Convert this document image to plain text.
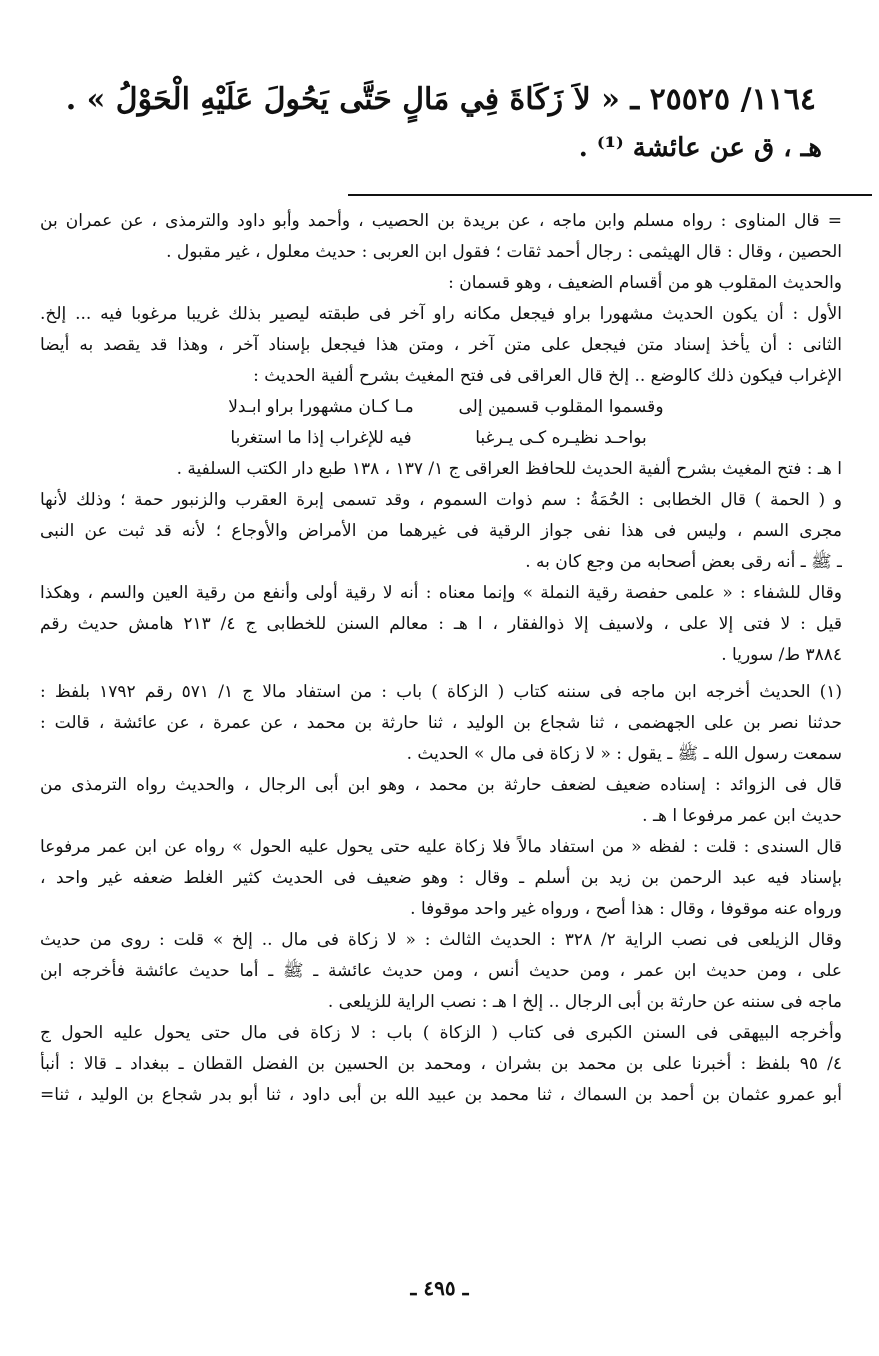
١١٦٤/ ٢٥٥٢٥ ـ « لاَ زَكَاةَ فِي مَالٍ حَتَّى يَحُولَ عَلَيْهِ الْحَوْلُ » .
هـ ، ق عن عائشة ⁽¹⁾ .
= قال المناوى : رواه مسلم وابن ماجه ، عن بريدة بن الحصيب ، وأحمد وأبو داود والترمذى ، عن عمران بن
الحصين ، وقال : قال الهيثمى : رجال أحمد ثقات ؛ فقول ابن العربى : حديث معلول ، غير مقبول .
والحديث المقلوب هو من أقسام الضعيف ، وهو قسمان :
الأول : أن يكون الحديث مشهورا براو فيجعل مكانه راو آخر فى طبقته ليصير بذلك غريبا مرغوبا فيه ... إلخ.
الثانى : أن يأخذ إسناد متن فيجعل على متن آخر ، ومتن هذا فيجعل بإسناد آخر ، وهذا قد يقصد به أيضا
الإغراب فيكون ذلك كالوضع .. إلخ قال العراقى فى فتح المغيث بشرح ألفية الحديث :
وقسموا المقلوب قسمين إلى
مـا كـان مشهورا براو ابـدلا
بواحـد نظيـره كـى يـرغبا
فيه للإغراب إذا ما استغربا
ا هـ : فتح المغيث بشرح ألفية الحديث للحافظ العراقى ج ١/ ١٣٧ ، ١٣٨ طبع دار الكتب السلفية .
و ( الحمة ) قال الخطابى : الحُمَةُ : سم ذوات السموم ، وقد تسمى إبرة العقرب والزنبور حمة ؛ وذلك لأنها
مجرى السم ، وليس فى هذا نفى جواز الرقية فى غيرهما من الأمراض والأوجاع ؛ لأنه قد ثبت عن النبى
ـ ﷺ ـ أنه رقى بعض أصحابه من وجع كان به .
وقال للشفاء : « علمى حفصة رقية النملة » وإنما معناه : أنه لا رقية أولى وأنفع من رقية العين والسم ، وهكذا
قيل : لا فتى إلا على ، ولاسيف إلا ذوالفقار ، ا هـ : معالم السنن للخطابى ج ٤/ ٢١٣ هامش حديث رقم
٣٨٨٤ ط/ سوريا .
(١) الحديث أخرجه ابن ماجه فى سننه كتاب ( الزكاة ) باب : من استفاد مالا ج ١/ ٥٧١ رقم ١٧٩٢ بلفظ :
حدثنا نصر بن على الجهضمى ، ثنا شجاع بن الوليد ، ثنا حارثة بن محمد ، عن عمرة ، عن عائشة ، قالت :
سمعت رسول الله ـ ﷺ ـ يقول : « لا زكاة فى مال » الحديث .
قال فى الزوائد : إسناده ضعيف لضعف حارثة بن محمد ، وهو ابن أبى الرجال ، والحديث رواه الترمذى من
حديث ابن عمر مرفوعا ا هـ .
قال السندى : قلت : لفظه « من استفاد مالاً فلا زكاة عليه حتى يحول عليه الحول » رواه عن ابن عمر مرفوعا
بإسناد فيه عبد الرحمن بن زيد بن أسلم ـ وقال : وهو ضعيف فى الحديث كثير الغلط ضعفه غير واحد ،
ورواه عنه موقوفا ، وقال : هذا أصح ، ورواه غير واحد موقوفا .
وقال الزيلعى فى نصب الراية ٢/ ٣٢٨ : الحديث الثالث : « لا زكاة فى مال .. إلخ » قلت : روى من حديث
على ، ومن حديث ابن عمر ، ومن حديث أنس ، ومن حديث عائشة ـ ﷺ ـ أما حديث عائشة فأخرجه ابن
ماجه فى سننه عن حارثة بن أبى الرجال .. إلخ ا هـ : نصب الراية للزيلعى .
وأخرجه البيهقى فى السنن الكبرى فى كتاب ( الزكاة ) باب : لا زكاة فى مال حتى يحول عليه الحول ج
٤/ ٩٥ بلفظ : أخبرنا على بن محمد بن بشران ، ومحمد بن الحسين بن الفضل القطان ـ ببغداد ـ قالا : أنبأ
أبو عمرو عثمان بن أحمد بن السماك ، ثنا محمد بن عبيد الله بن أبى داود ، ثنا أبو بدر شجاع بن الوليد ، ثنا=
ـ ٤٩٥ ـ
